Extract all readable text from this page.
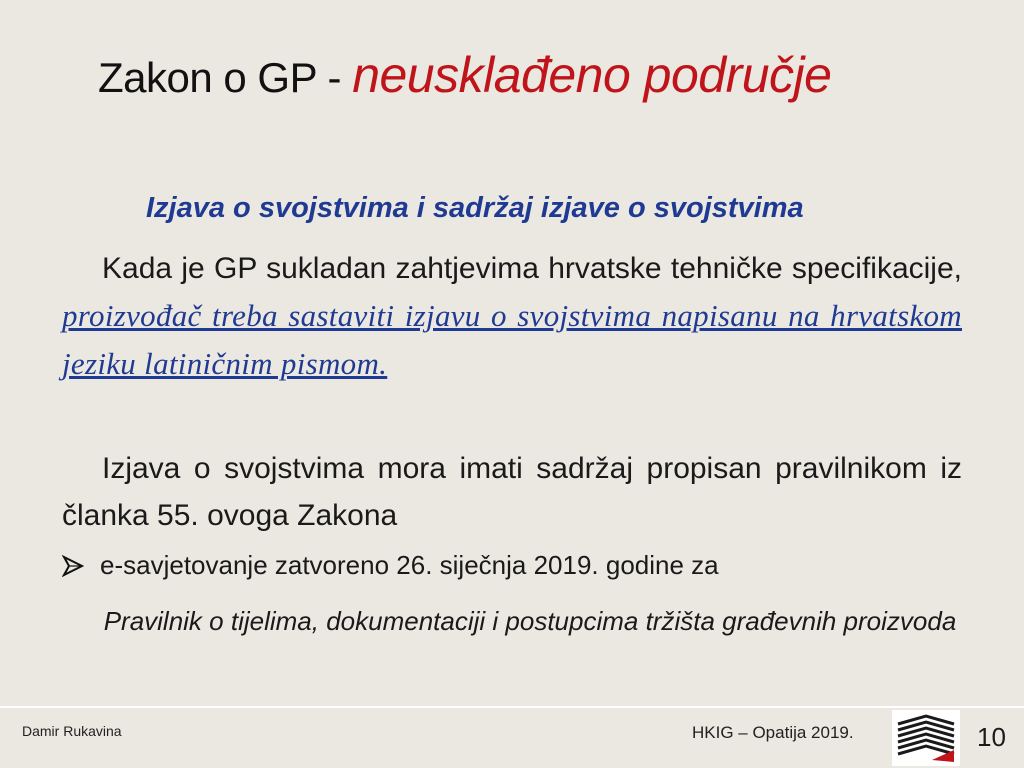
Zakon o GP - neusklađeno područje
Izjava o svojstvima i sadržaj izjave o svojstvima
Kada je GP sukladan zahtjevima hrvatske tehničke specifikacije, proizvođač treba sastaviti izjavu o svojstvima napisanu na hrvatskom jeziku latiničnim pismom.
Izjava o svojstvima mora imati sadržaj propisan pravilnikom iz članka 55. ovoga Zakona
e-savjetovanje zatvoreno 26. siječnja 2019. godine za
Pravilnik o tijelima, dokumentaciji i postupcima tržišta građevnih proizvoda
Damir Rukavina	HKIG – Opatija 2019.	10
